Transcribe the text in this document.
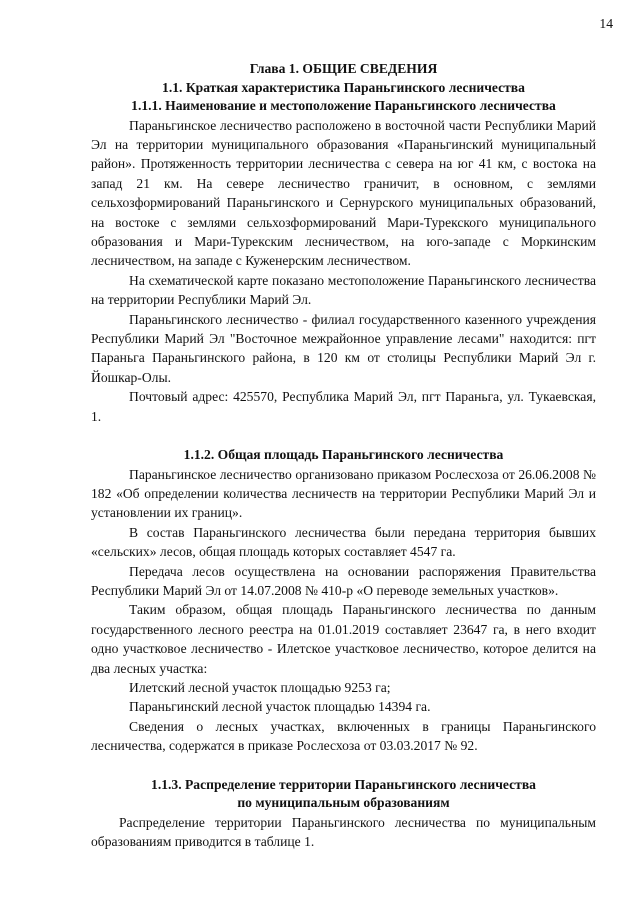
14
Глава 1. ОБЩИЕ СВЕДЕНИЯ
1.1. Краткая характеристика Параньгинского лесничества
1.1.1. Наименование и местоположение Параньгинского лесничества

Параньгинское лесничество расположено в восточной части Республики Марий Эл на территории муниципального образования «Параньгинский муниципальный район». Протяженность территории лесничества с севера на юг 41 км, с востока на запад 21 км. На севере лесничество граничит, в основном, с землями сельхозформирований Параньгинского и Сернурского муниципальных образований, на востоке с землями сельхозформирований Мари-Турекского муниципального образования и Мари-Турекским лесничеством, на юго-западе с Моркинским лесничеством, на западе с Куженерским лесничеством.

На схематической карте показано местоположение Параньгинского лесничества на территории Республики Марий Эл.

Параньгинского лесничество - филиал государственного казенного учреждения Республики Марий Эл "Восточное межрайонное управление лесами" находится: пгт Параньга Параньгинского района, в 120 км от столицы Республики Марий Эл г. Йошкар-Олы.

Почтовый адрес: 425570, Республика Марий Эл, пгт Параньга, ул. Тукаевская, 1.

1.1.2. Общая площадь Параньгинского лесничества

Параньгинское лесничество организовано приказом Рослесхоза от 26.06.2008 № 182 «Об определении количества лесничеств на территории Республики Марий Эл и установлении их границ».

В состав Параньгинского лесничества были передана территория бывших «сельских» лесов, общая площадь которых составляет 4547 га.

Передача лесов осуществлена на основании распоряжения Правительства Республики Марий Эл от 14.07.2008 № 410-р «О переводе земельных участков».

Таким образом, общая площадь Параньгинского лесничества по данным государственного лесного реестра на 01.01.2019 составляет 23647 га, в него входит одно участковое лесничество - Илетское участковое лесничество, которое делится на два лесных участка:

Илетский лесной участок площадью 9253 га;

Параньгинский лесной участок площадью 14394 га.

Сведения о лесных участках, включенных в границы Параньгинского лесничества, содержатся в приказе Рослесхоза от 03.03.2017 № 92.

1.1.3. Распределение территории Параньгинского лесничества
по муниципальным образованиям

Распределение территории Параньгинского лесничества по муниципальным образованиям приводится в таблице 1.
